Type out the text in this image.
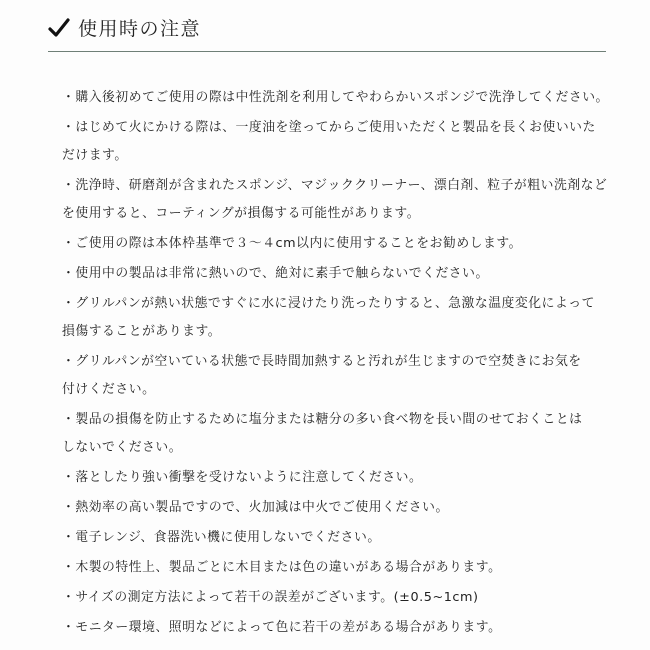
使用時の注意
・購入後初めてご使用の際は中性洗剤を利用してやわらかいスポンジで洗浄してください。
・はじめて火にかける際は、一度油を塗ってからご使用いただくと製品を長くお使いいた
だけます。
・洗浄時、研磨剤が含まれたスポンジ、マジッククリーナー、漂白剤、粒子が粗い洗剤など
を使用すると、コーティングが損傷する可能性があります。
・ご使用の際は本体枠基準で３～４cm以内に使用することをお勧めします。
・使用中の製品は非常に熱いので、絶対に素手で触らないでください。
・グリルパンが熱い状態ですぐに水に浸けたり洗ったりすると、急激な温度変化によって
損傷することがあります。
・グリルパンが空いている状態で長時間加熱すると汚れが生じますので空焚きにお気を
付けください。
・製品の損傷を防止するために塩分または糖分の多い食べ物を長い間のせておくことは
しないでください。
・落としたり強い衝撃を受けないように注意してください。
・熱効率の高い製品ですので、火加減は中火でご使用ください。
・電子レンジ、食器洗い機に使用しないでください。
・木製の特性上、製品ごとに木目または色の違いがある場合があります。
・サイズの測定方法によって若干の誤差がございます。(±0.5~1cm)
・モニター環境、照明などによって色に若干の差がある場合があります。
